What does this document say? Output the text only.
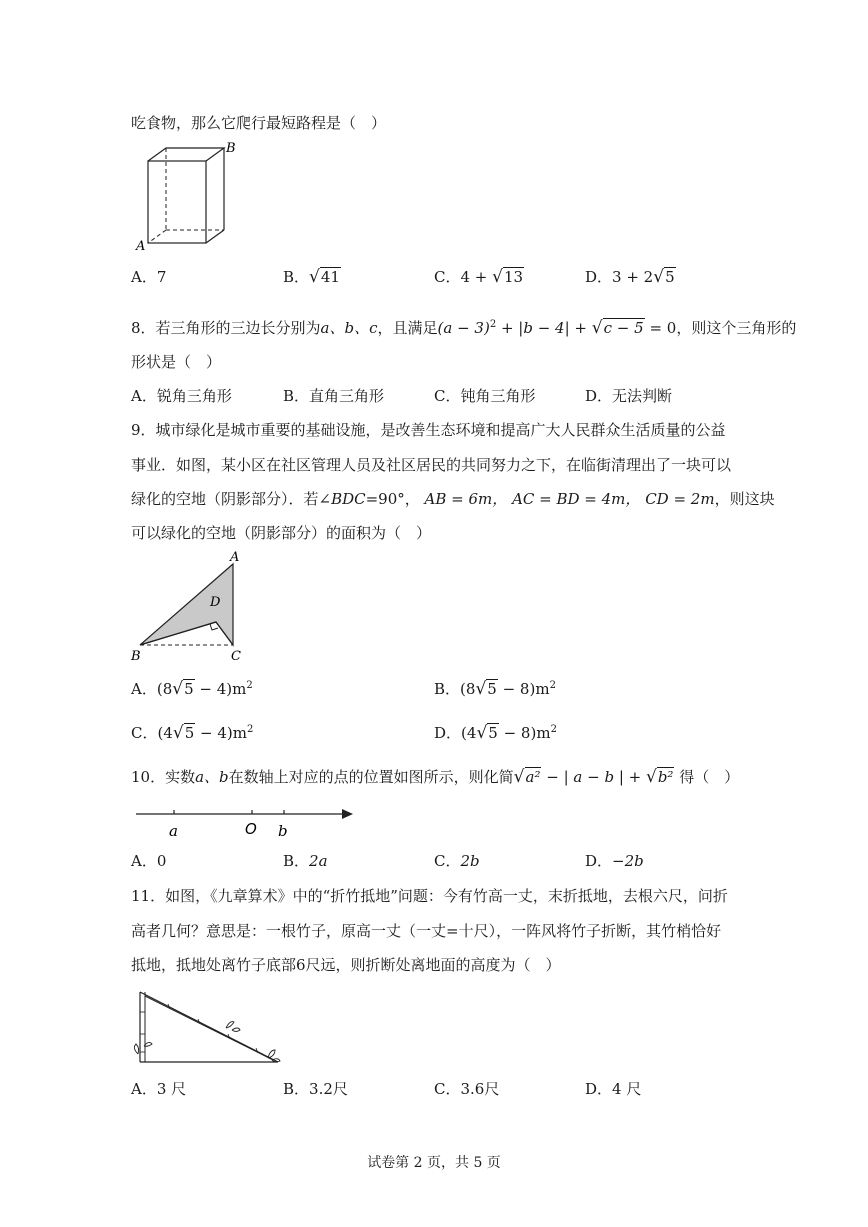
吃食物，那么它爬行最短路程是（　）
B
A
A．7	B．√41	C．4 + √13	D．3 + 2√5
8．若三角形的三边长分别为a、b、c，且满足$(a - 3)^2 + |b - 4| + √c - 5 = 0$，则这个三角形的
形状是（　）
A．锐角三角形	B．直角三角形	C．钝角三角形	D．无法判断
9．城市绿化是城市重要的基础设施，是改善生态环境和提高广大人民群众生活质量的公益
事业．如图，某小区在社区管理人员及社区居民的共同努力之下，在临街清理出了一块可以
绿化的空地（阴影部分）．若∠BDC=90°， AB = 6m， AC = BD = 4m， CD = 2m，则这块
可以绿化的空地（阴影部分）的面积为（　）
A
D
B	C
A．$(8√5 - 4)m^2$	B．$(8√5 - 8)m^2$
C．$(4√5 - 4)m^2$	D．$(4√5 - 8)m^2$
10．实数a、b在数轴上对应的点的位置如图所示，则化简√a² − | a − b | + √b² 得（　）
a	O b
A．0	B．2a	C．2b	D．−2b
11．如图，《九章算术》中的“折竹抵地”问题：今有竹高一丈，末折抵地，去根六尺，问折
高者几何？意思是：一根竹子，原高一丈（一丈=十尺），一阵风将竹子折断，其竹梢恰好
抵地，抵地处离竹子底部6尺远，则折断处离地面的高度为（　）
A．3 尺	B．3.2尺	C．3.6尺	D．4 尺
试卷第 2 页，共 5 页
